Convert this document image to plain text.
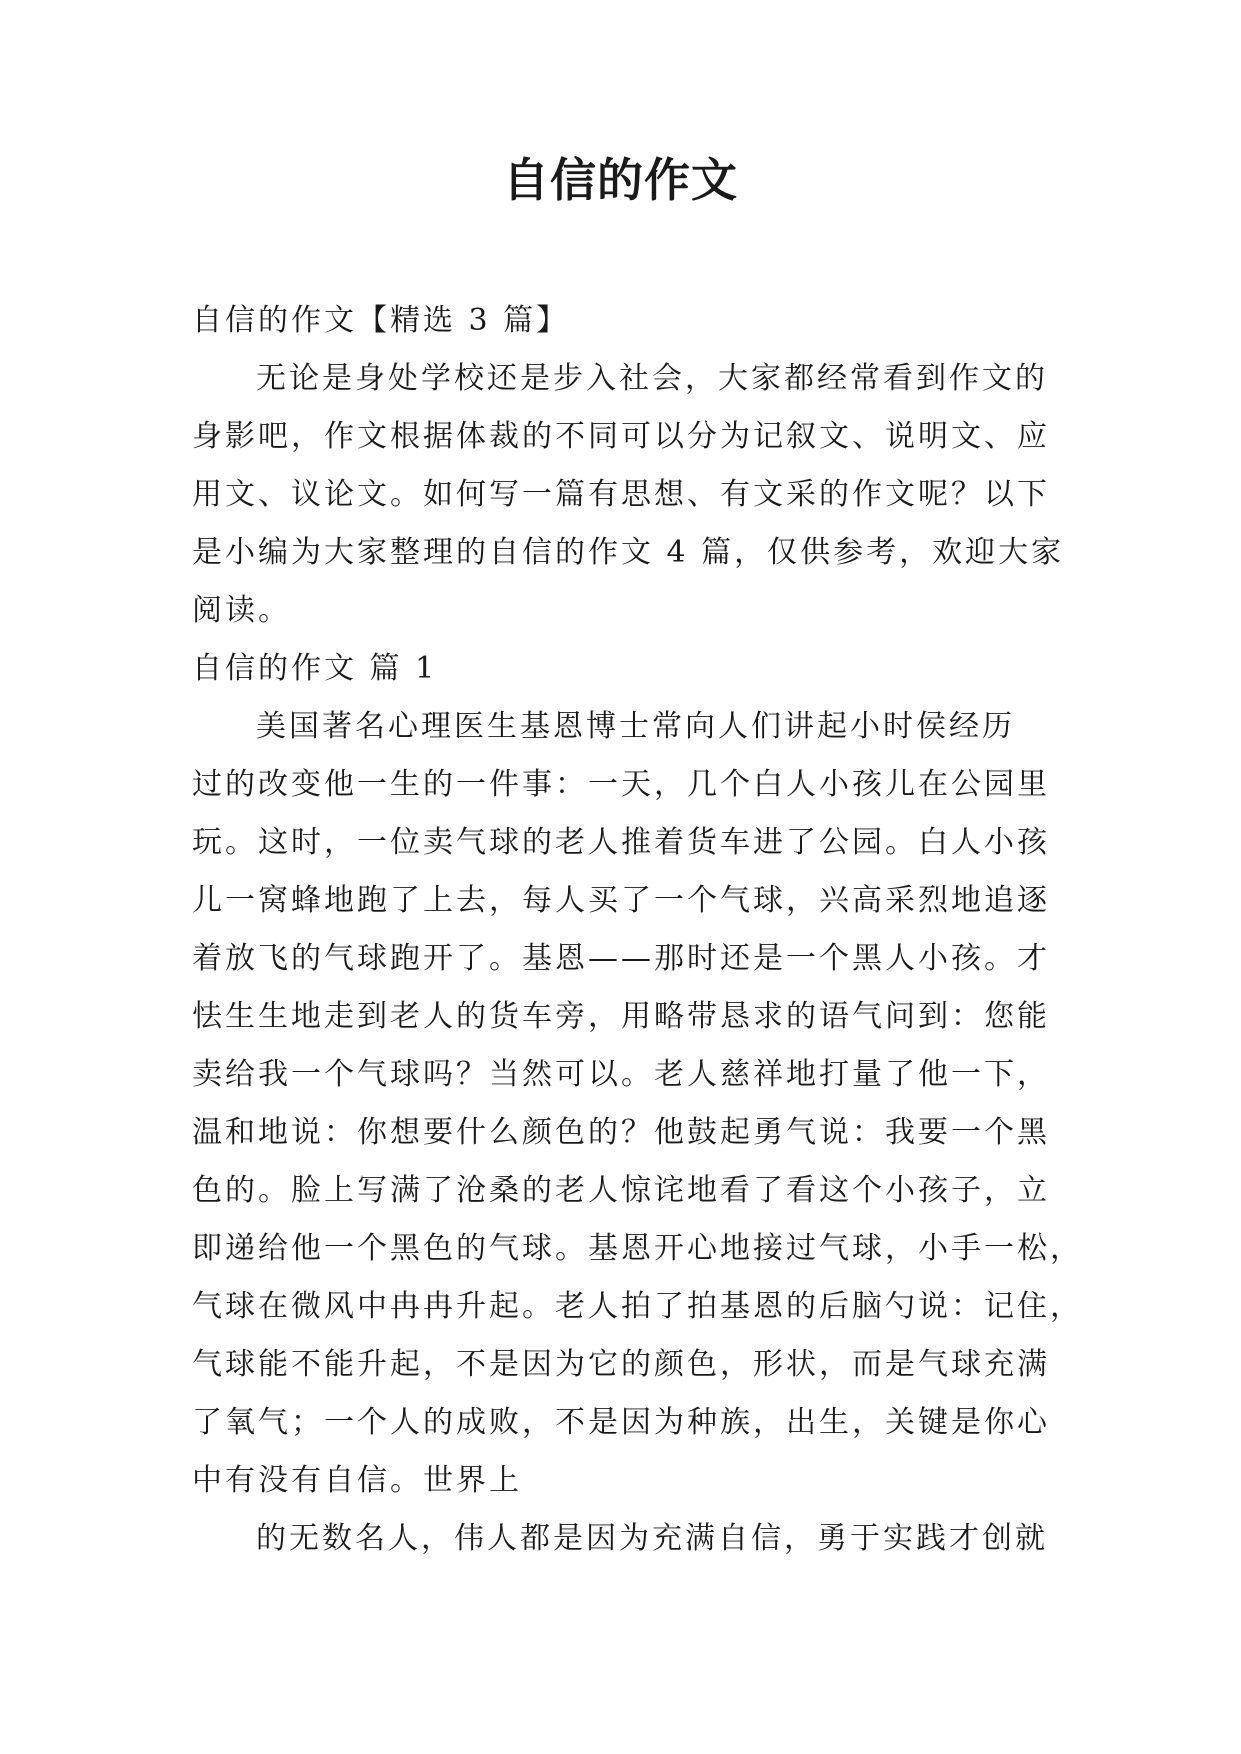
自信的作文
自信的作文【精选 3 篇】
无论是身处学校还是步入社会，大家都经常看到作文的
身影吧，作文根据体裁的不同可以分为记叙文、说明文、应
用文、议论文。如何写一篇有思想、有文采的作文呢？以下
是小编为大家整理的自信的作文 4 篇，仅供参考，欢迎大家
阅读。
自信的作文 篇 1
美国著名心理医生基恩博士常向人们讲起小时侯经历
过的改变他一生的一件事：一天，几个白人小孩儿在公园里
玩。这时，一位卖气球的老人推着货车进了公园。白人小孩
儿一窝蜂地跑了上去，每人买了一个气球，兴高采烈地追逐
着放飞的气球跑开了。基恩——那时还是一个黑人小孩。才
怯生生地走到老人的货车旁，用略带恳求的语气问到：您能
卖给我一个气球吗？当然可以。老人慈祥地打量了他一下，
温和地说：你想要什么颜色的？他鼓起勇气说：我要一个黑
色的。脸上写满了沧桑的老人惊诧地看了看这个小孩子，立
即递给他一个黑色的气球。基恩开心地接过气球，小手一松，
气球在微风中冉冉升起。老人拍了拍基恩的后脑勺说：记住，
气球能不能升起，不是因为它的颜色，形状，而是气球充满
了氧气；一个人的成败，不是因为种族，出生，关键是你心
中有没有自信。世界上
的无数名人，伟人都是因为充满自信，勇于实践才创就
